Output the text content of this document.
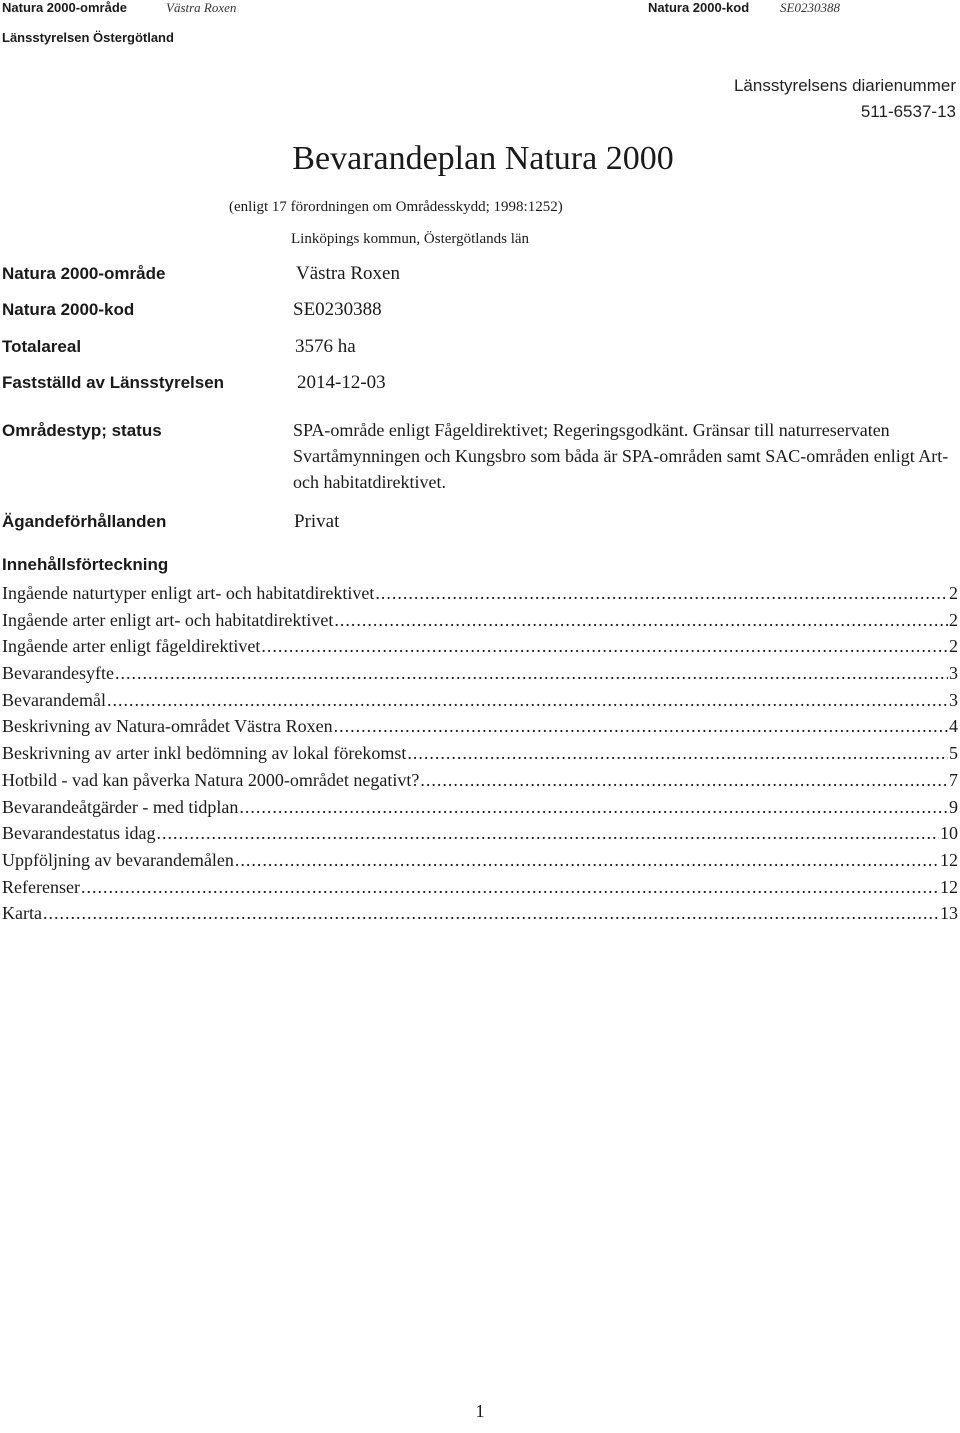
Natura 2000-område	Västra Roxen	Natura 2000-kod SE0230388
Länsstyrelsen Östergötland
Länsstyrelsens diarienummer
511-6537-13
Bevarandeplan Natura 2000
(enligt 17 förordningen om Områdesskydd; 1998:1252)
Linköpings kommun, Östergötlands län
Natura 2000-område	Västra Roxen
Natura 2000-kod	SE0230388
Totalareal	3576 ha
Fastställd av Länsstyrelsen	2014-12-03
Områdestyp; status	SPA-område enligt Fågeldirektivet; Regeringsgodkänt. Gränsar till naturreservaten Svartåmynningen och Kungsbro som båda är SPA-områden samt SAC-områden enligt Art- och habitatdirektivet.
Ägandeförhållanden	Privat
Innehållsförteckning
Ingående naturtyper enligt art- och habitatdirektivet .....	2
Ingående arter enligt art- och habitatdirektivet .....	2
Ingående arter enligt fågeldirektivet .....	2
Bevarandesyfte .....	3
Bevarandemål .....	3
Beskrivning av Natura-området Västra Roxen .....	4
Beskrivning av arter inkl bedömning av lokal förekomst .....	5
Hotbild - vad kan påverka Natura 2000-området negativt? .....	7
Bevarandeåtgärder - med tidplan .....	9
Bevarandestatus idag .....	10
Uppföljning av bevarandemålen .....	12
Referenser .....	12
Karta .....	13
1
